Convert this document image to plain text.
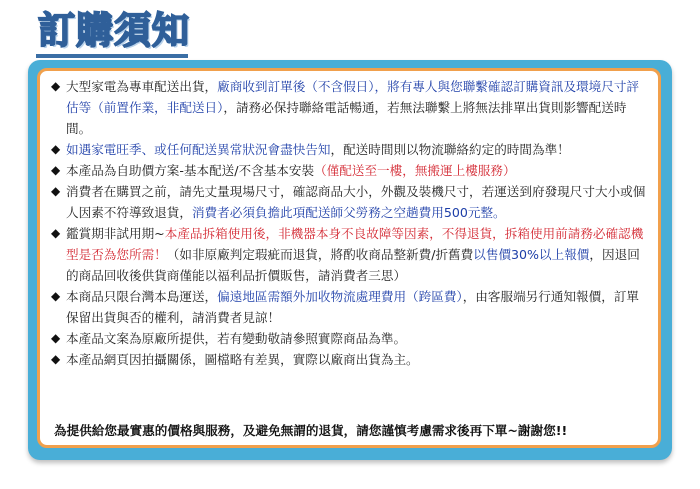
訂購須知

◆ 大型家電為專車配送出貨，廠商收到訂單後（不含假日），將有專人與您聯繫確認訂購資訊及環境尺寸評估等（前置作業，非配送日），請務必保持聯絡電話暢通，若無法聯繫上將無法排單出貨則影響配送時間。

◆ 如遇家電旺季、或任何配送異常狀況會盡快告知，配送時間則以物流聯絡約定的時間為準！

◆ 本產品為自助價方案-基本配送/不含基本安裝（僅配送至一樓，無搬運上樓服務）

◆ 消費者在購買之前，請先丈量現場尺寸，確認商品大小，外觀及裝機尺寸，若運送到府發現尺寸大小或個人因素不符導致退貨，消費者必須負擔此項配送師父勞務之空趟費用500元整。

◆ 鑑賞期非試用期~本產品拆箱使用後，非機器本身不良故障等因素，不得退貨，拆箱使用前請務必確認機型是否為您所需！（如非原廠判定瑕疵而退貨，將酌收商品整新費/折舊費以售價30%以上報價，因退回的商品回收後供貨商僅能以福利品折價販售，請消費者三思）

◆ 本商品只限台灣本島運送，偏遠地區需額外加收物流處理費用（跨區費），由客服端另行通知報價，訂單保留出貨與否的權利，請消費者見諒！

◆ 本產品文案為原廠所提供，若有變動敬請參照實際商品為準。

◆ 本產品網頁因拍攝關係，圖檔略有差異，實際以廠商出貨為主。

為提供給您最實惠的價格與服務，及避免無謂的退貨，請您謹慎考慮需求後再下單~謝謝您!!
